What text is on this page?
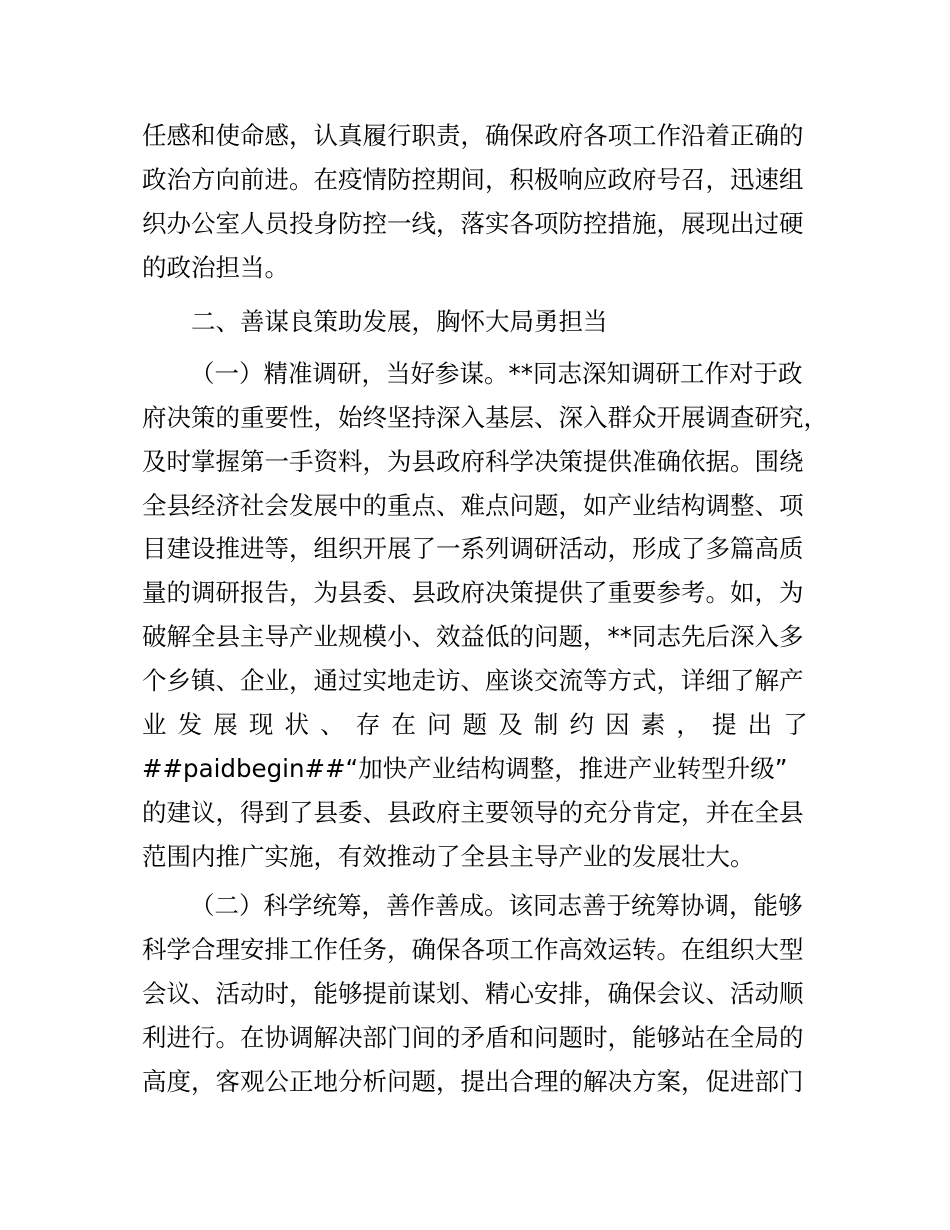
任感和使命感，认真履行职责，确保政府各项工作沿着正确的
政治方向前进。在疫情防控期间，积极响应政府号召，迅速组
织办公室人员投身防控一线，落实各项防控措施，展现出过硬
的政治担当。
二、善谋良策助发展，胸怀大局勇担当
（一）精准调研，当好参谋。**同志深知调研工作对于政
府决策的重要性，始终坚持深入基层、深入群众开展调查研究，
及时掌握第一手资料，为县政府科学决策提供准确依据。围绕
全县经济社会发展中的重点、难点问题，如产业结构调整、项
目建设推进等，组织开展了一系列调研活动，形成了多篇高质
量的调研报告，为县委、县政府决策提供了重要参考。如，为
破解全县主导产业规模小、效益低的问题，**同志先后深入多
个乡镇、企业，通过实地走访、座谈交流等方式，详细了解产
业 发 展 现 状 、 存 在 问 题 及 制 约 因 素 ， 提 出 了
##paidbegin##“加快产业结构调整，推进产业转型升级”
的建议，得到了县委、县政府主要领导的充分肯定，并在全县
范围内推广实施，有效推动了全县主导产业的发展壮大。
（二）科学统筹，善作善成。该同志善于统筹协调，能够
科学合理安排工作任务，确保各项工作高效运转。在组织大型
会议、活动时，能够提前谋划、精心安排，确保会议、活动顺
利进行。在协调解决部门间的矛盾和问题时，能够站在全局的
高度，客观公正地分析问题，提出合理的解决方案，促进部门
